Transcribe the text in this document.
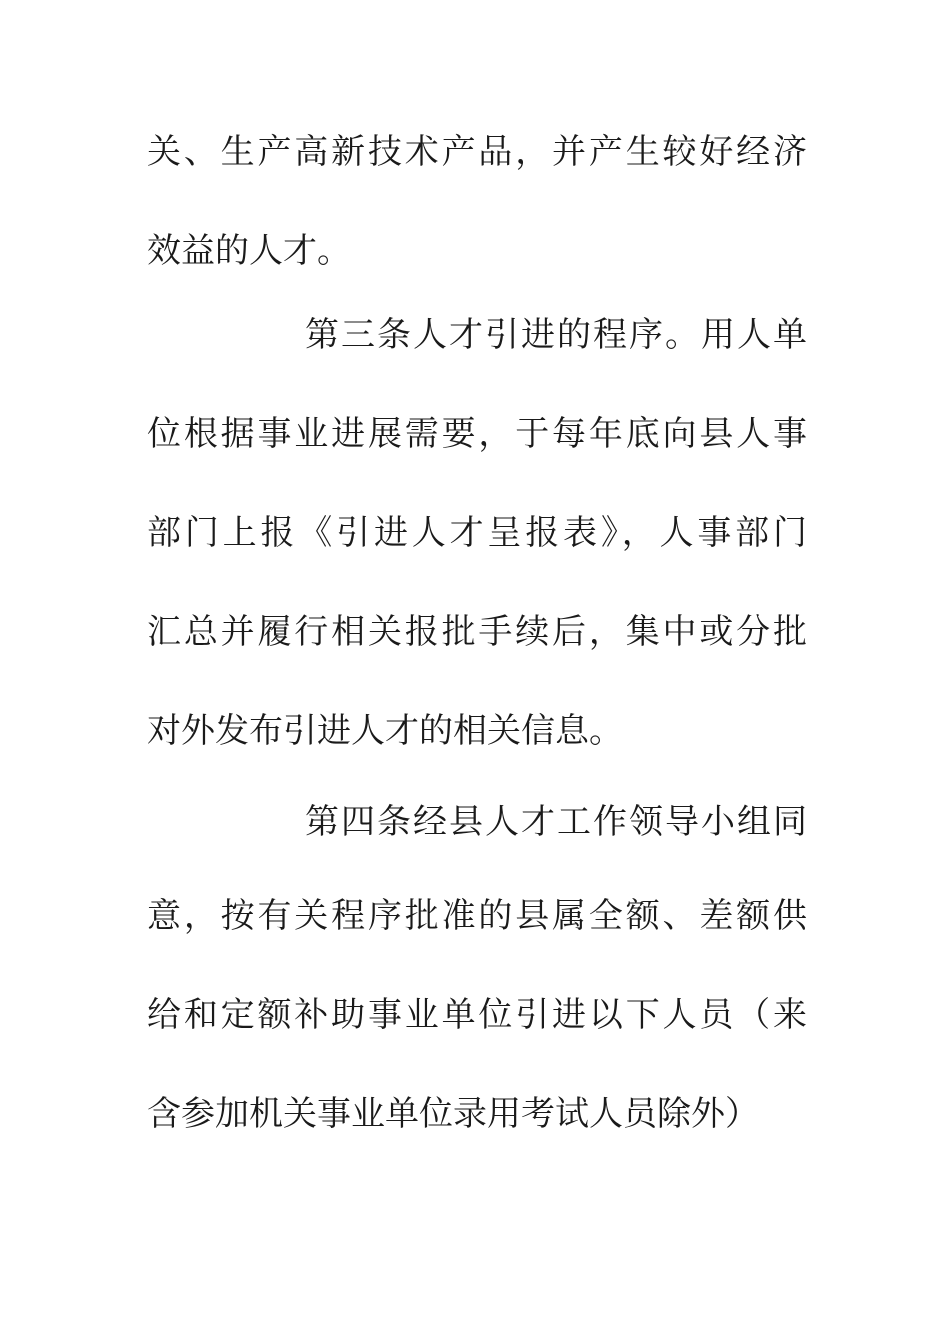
关、生产高新技术产品，并产生较好经济
效益的人才。
第三条人才引进的程序。用人单
位根据事业进展需要，于每年底向县人事
部门上报《引进人才呈报表》，人事部门
汇总并履行相关报批手续后，集中或分批
对外发布引进人才的相关信息。
第四条经县人才工作领导小组同
意，按有关程序批准的县属全额、差额供
给和定额补助事业单位引进以下人员（来
含参加机关事业单位录用考试人员除外）
